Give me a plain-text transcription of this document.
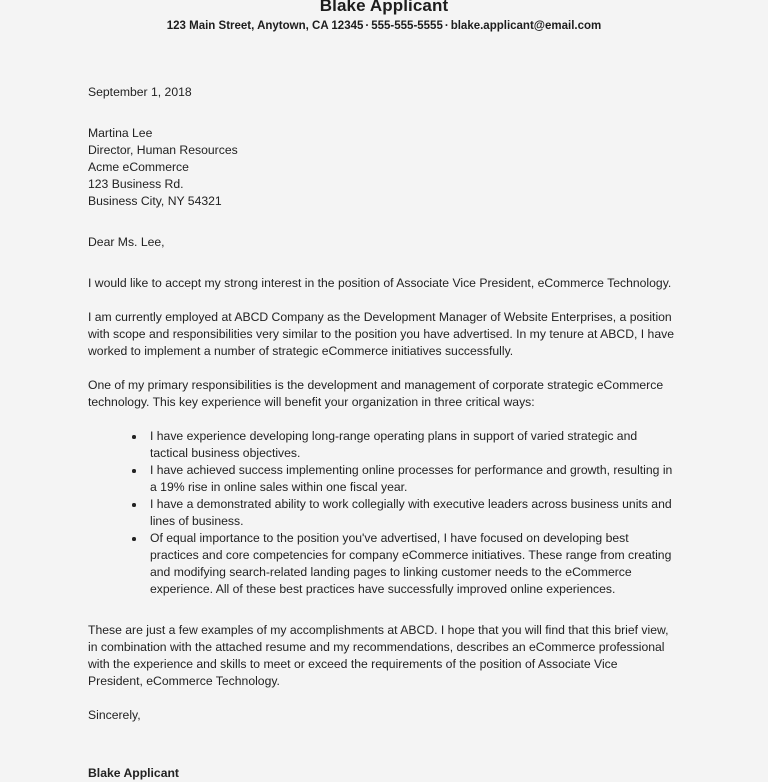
Blake Applicant
123 Main Street, Anytown, CA 12345 · 555-555-5555 · blake.applicant@email.com
September 1, 2018
Martina Lee
Director, Human Resources
Acme eCommerce
123 Business Rd.
Business City, NY 54321
Dear Ms. Lee,

I would like to accept my strong interest in the position of Associate Vice President, eCommerce Technology.

I am currently employed at ABCD Company as the Development Manager of Website Enterprises, a position with scope and responsibilities very similar to the position you have advertised. In my tenure at ABCD, I have worked to implement a number of strategic eCommerce initiatives successfully.

One of my primary responsibilities is the development and management of corporate strategic eCommerce technology. This key experience will benefit your organization in three critical ways:

I have experience developing long-range operating plans in support of varied strategic and tactical business objectives.
I have achieved success implementing online processes for performance and growth, resulting in a 19% rise in online sales within one fiscal year.
I have a demonstrated ability to work collegially with executive leaders across business units and lines of business.
Of equal importance to the position you've advertised, I have focused on developing best practices and core competencies for company eCommerce initiatives. These range from creating and modifying search-related landing pages to linking customer needs to the eCommerce experience. All of these best practices have successfully improved online experiences.

These are just a few examples of my accomplishments at ABCD. I hope that you will find that this brief view, in combination with the attached resume and my recommendations, describes an eCommerce professional with the experience and skills to meet or exceed the requirements of the position of Associate Vice President, eCommerce Technology.

Sincerely,
Blake Applicant
